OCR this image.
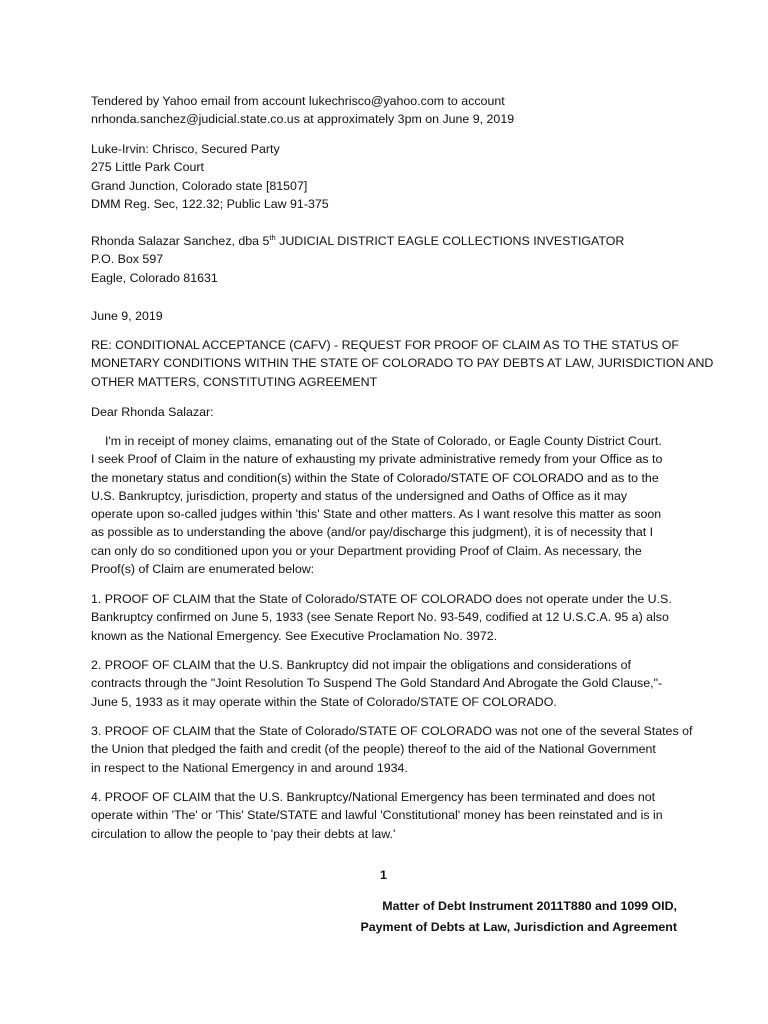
Tendered by Yahoo email from account lukechrisco@yahoo.com to account
nrhonda.sanchez@judicial.state.co.us at approximately 3pm on June 9, 2019
Luke-Irvin: Chrisco, Secured Party
275 Little Park Court
Grand Junction, Colorado state [81507]
DMM Reg. Sec, 122.32; Public Law 91-375
Rhonda Salazar Sanchez, dba 5th JUDICIAL DISTRICT EAGLE COLLECTIONS INVESTIGATOR
P.O. Box 597
Eagle, Colorado 81631
June 9, 2019
RE: CONDITIONAL ACCEPTANCE (CAFV) - REQUEST FOR PROOF OF CLAIM AS TO THE STATUS OF
MONETARY CONDITIONS WITHIN THE STATE OF COLORADO TO PAY DEBTS AT LAW, JURISDICTION AND
OTHER MATTERS, CONSTITUTING AGREEMENT
Dear Rhonda Salazar:
I'm in receipt of money claims, emanating out of the State of Colorado, or Eagle County District Court.
I seek Proof of Claim in the nature of exhausting my private administrative remedy from your Office as to
the monetary status and condition(s) within the State of Colorado/STATE OF COLORADO and as to the
U.S. Bankruptcy, jurisdiction, property and status of the undersigned and Oaths of Office as it may
operate upon so-called judges within 'this' State and other matters. As I want resolve this matter as soon
as possible as to understanding the above (and/or pay/discharge this judgment), it is of necessity that I
can only do so conditioned upon you or your Department providing Proof of Claim. As necessary, the
Proof(s) of Claim are enumerated below:
1. PROOF OF CLAIM that the State of Colorado/STATE OF COLORADO does not operate under the U.S.
Bankruptcy confirmed on June 5, 1933 (see Senate Report No. 93-549, codified at 12 U.S.C.A. 95 a) also
known as the National Emergency. See Executive Proclamation No. 3972.
2. PROOF OF CLAIM that the U.S. Bankruptcy did not impair the obligations and considerations of
contracts through the "Joint Resolution To Suspend The Gold Standard And Abrogate the Gold Clause,"-
June 5, 1933 as it may operate within the State of Colorado/STATE OF COLORADO.
3. PROOF OF CLAIM that the State of Colorado/STATE OF COLORADO was not one of the several States of
the Union that pledged the faith and credit (of the people) thereof to the aid of the National Government
in respect to the National Emergency in and around 1934.
4. PROOF OF CLAIM that the U.S. Bankruptcy/National Emergency has been terminated and does not
operate within 'The' or 'This' State/STATE and lawful 'Constitutional' money has been reinstated and is in
circulation to allow the people to 'pay their debts at law.'
1
Matter of Debt Instrument 2011T880 and 1099 OID,
Payment of Debts at Law, Jurisdiction and Agreement
